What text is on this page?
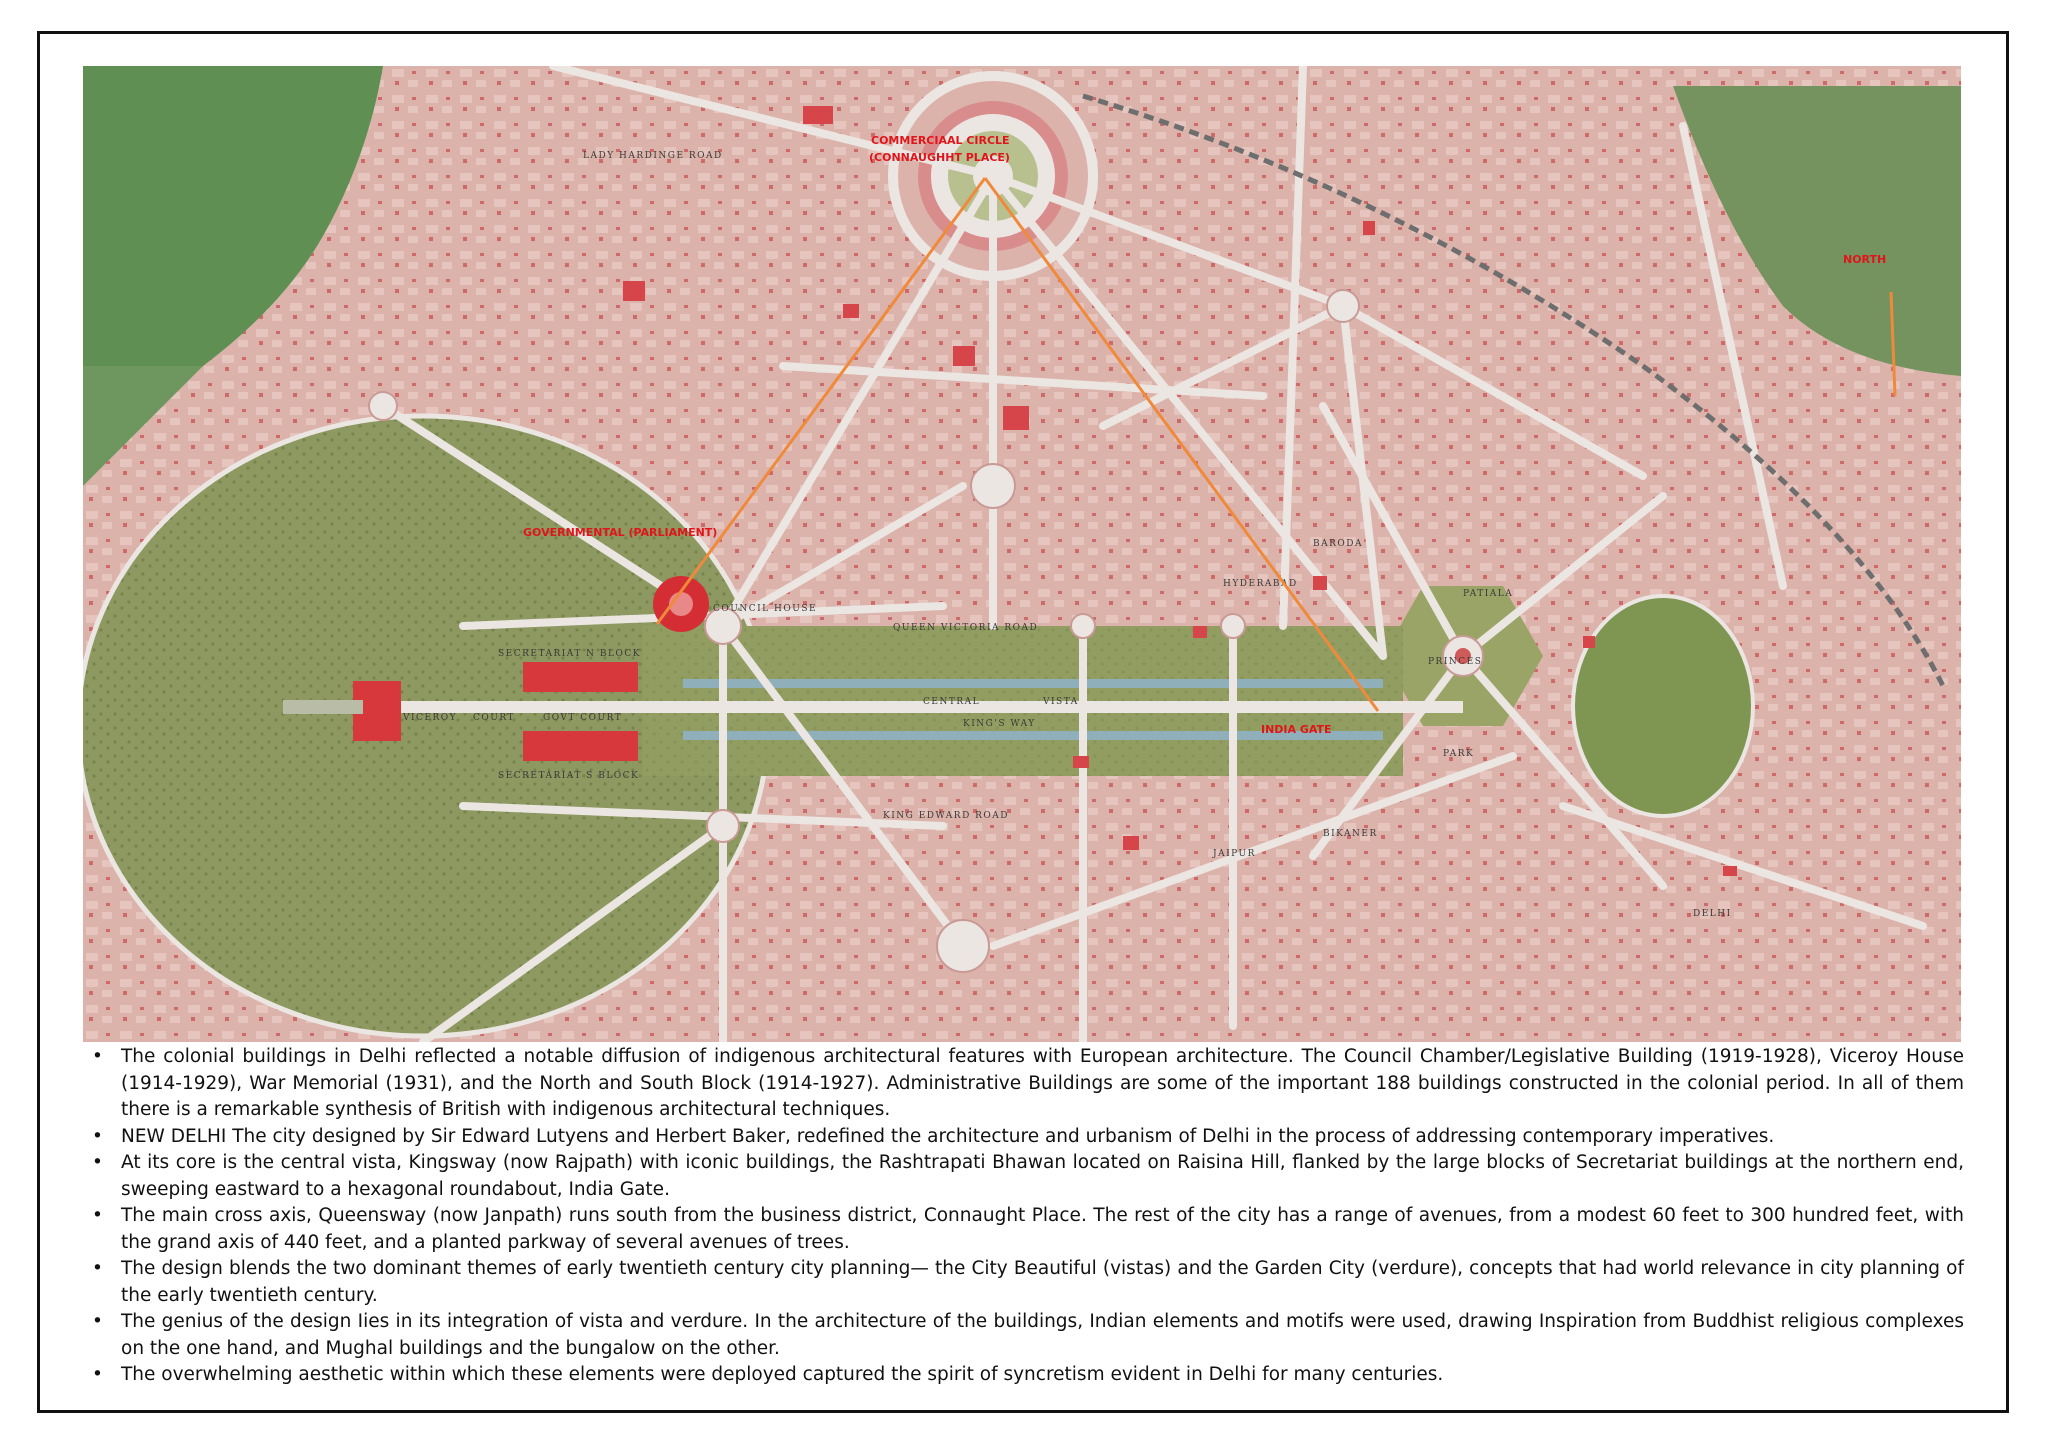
CENTRAL	VISTA
KING'S WAY
PRINCES
PARK
COUNCIL HOUSE
SECRETARIAT N BLOCK
SECRETARIAT S BLOCK
VICEROY COURT	GOVT COURT
QUEEN VICTORIA ROAD
KING EDWARD ROAD
LADY HARDINGE ROAD
HYDERABAD
BARODA
PATIALA
BIKANER
JAIPUR
DELHI
COMMERCIAAL CIRCLE
(CONNAUGHHT PLACE)
GOVERNMENTAL (PARLIAMENT)
INDIA GATE
NORTH
• The colonial buildings in Delhi reflected a notable diffusion of indigenous architectural features with European architecture. The Council Chamber/Legislative Building (1919-1928), Viceroy House (1914-1929), War Memorial (1931), and the North and South Block (1914-1927). Administrative Buildings are some of the important 188 buildings constructed in the colonial period. In all of them there is a remarkable synthesis of British with indigenous architectural techniques.
• NEW DELHI The city designed by Sir Edward Lutyens and Herbert Baker, redefined the architecture and urbanism of Delhi in the process of addressing contemporary imperatives.
• At its core is the central vista, Kingsway (now Rajpath) with iconic buildings, the Rashtrapati Bhawan located on Raisina Hill, flanked by the large blocks of Secretariat buildings at the northern end, sweeping eastward to a hexagonal roundabout, India Gate.
• The main cross axis, Queensway (now Janpath) runs south from the business district, Connaught Place. The rest of the city has a range of avenues, from a modest 60 feet to 300 hundred feet, with the grand axis of 440 feet, and a planted parkway of several avenues of trees.
• The design blends the two dominant themes of early twentieth century city planning— the City Beautiful (vistas) and the Garden City (verdure), concepts that had world relevance in city planning of the early twentieth century.
• The genius of the design Iies in its integration of vista and verdure. In the architecture of the buildings, Indian elements and motifs were used, drawing Inspiration from Buddhist religious complexes on the one hand, and Mughal buildings and the bungalow on the other.
• The overwhelming aesthetic within which these elements were deployed captured the spirit of syncretism evident in Delhi for many centuries.
